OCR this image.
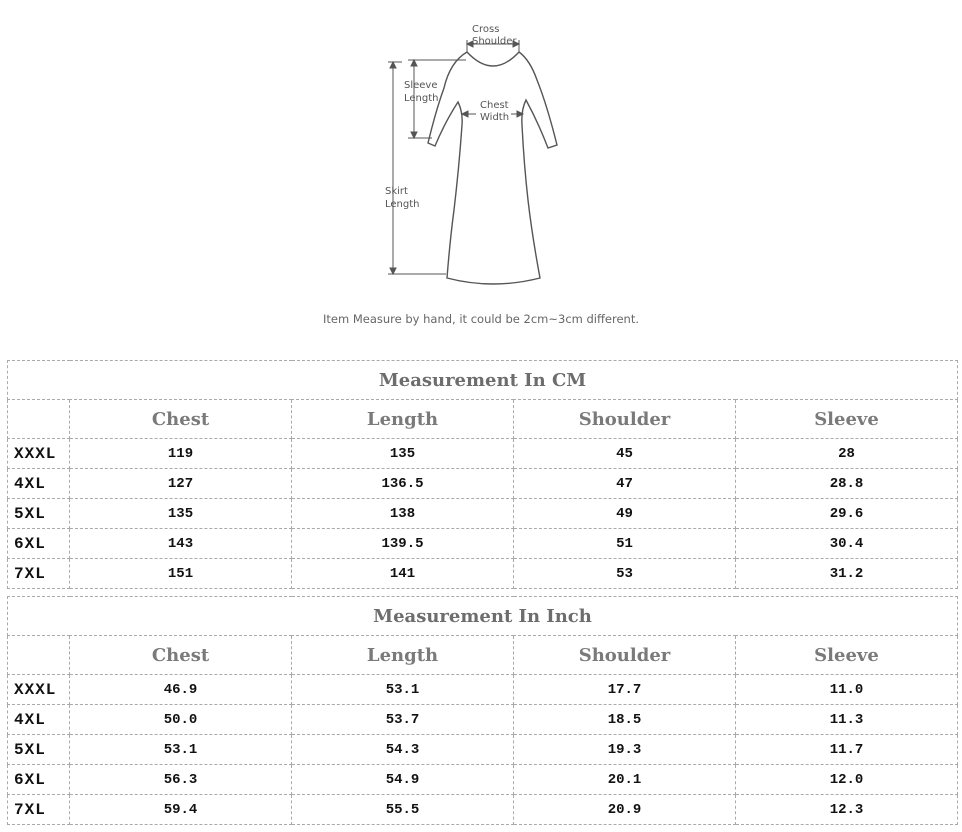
Cross
Shoulder
Sleeve
Length
Chest
Width
Skirt
Length
Item Measure by hand, it could be 2cm~3cm different.
Measurement In CM				
	Chest	Length	Shoulder	Sleeve
XXXL	119	135	45	28
4XL	127	136.5	47	28.8
5XL	135	138	49	29.6
6XL	143	139.5	51	30.4
7XL	151	141	53	31.2
Measurement In Inch				
	Chest	Length	Shoulder	Sleeve
XXXL	46.9	53.1	17.7	11.0
4XL	50.0	53.7	18.5	11.3
5XL	53.1	54.3	19.3	11.7
6XL	56.3	54.9	20.1	12.0
7XL	59.4	55.5	20.9	12.3
